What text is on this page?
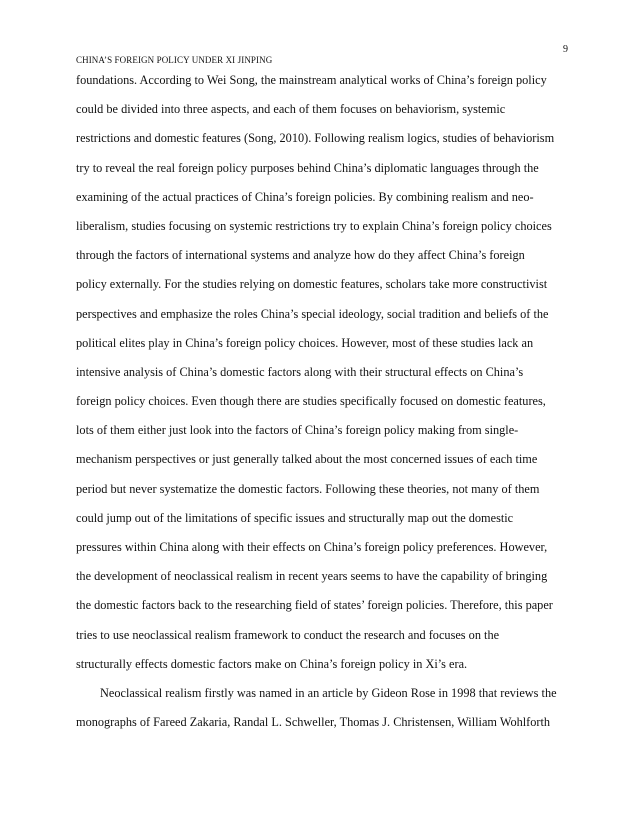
9
CHINA’S FOREIGN POLICY UNDER XI JINPING
foundations. According to Wei Song, the mainstream analytical works of China’s foreign policy
could be divided into three aspects, and each of them focuses on behaviorism, systemic
restrictions and domestic features (Song, 2010). Following realism logics, studies of behaviorism
try to reveal the real foreign policy purposes behind China’s diplomatic languages through the
examining of the actual practices of China’s foreign policies. By combining realism and neo-
liberalism, studies focusing on systemic restrictions try to explain China’s foreign policy choices
through the factors of international systems and analyze how do they affect China’s foreign
policy externally. For the studies relying on domestic features, scholars take more constructivist
perspectives and emphasize the roles China’s special ideology, social tradition and beliefs of the
political elites play in China’s foreign policy choices. However, most of these studies lack an
intensive analysis of China’s domestic factors along with their structural effects on China’s
foreign policy choices. Even though there are studies specifically focused on domestic features,
lots of them either just look into the factors of China’s foreign policy making from single-
mechanism perspectives or just generally talked about the most concerned issues of each time
period but never systematize the domestic factors. Following these theories, not many of them
could jump out of the limitations of specific issues and structurally map out the domestic
pressures within China along with their effects on China’s foreign policy preferences. However,
the development of neoclassical realism in recent years seems to have the capability of bringing
the domestic factors back to the researching field of states’ foreign policies. Therefore, this paper
tries to use neoclassical realism framework to conduct the research and focuses on the
structurally effects domestic factors make on China’s foreign policy in Xi’s era.
Neoclassical realism firstly was named in an article by Gideon Rose in 1998 that reviews the
monographs of Fareed Zakaria, Randal L. Schweller, Thomas J. Christensen, William Wohlforth
